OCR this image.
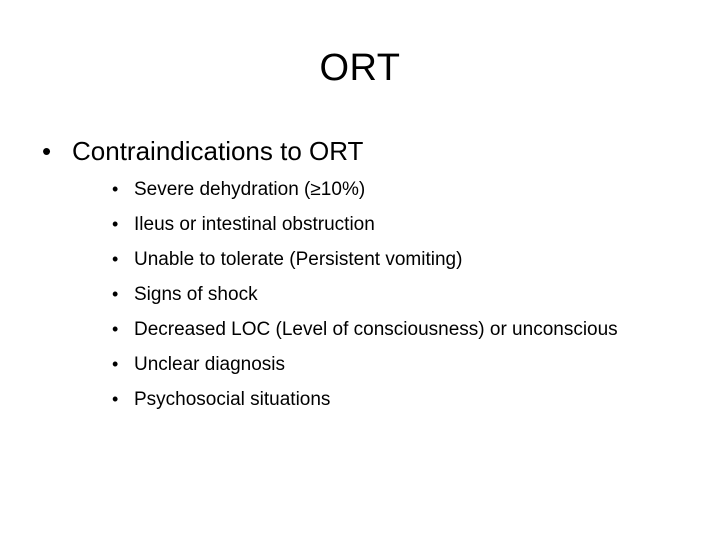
ORT
• Contraindications to ORT
• Severe dehydration (≥10%)
• Ileus or intestinal obstruction
• Unable to tolerate (Persistent vomiting)
• Signs of shock
• Decreased LOC (Level of consciousness) or unconscious
• Unclear diagnosis
• Psychosocial situations
